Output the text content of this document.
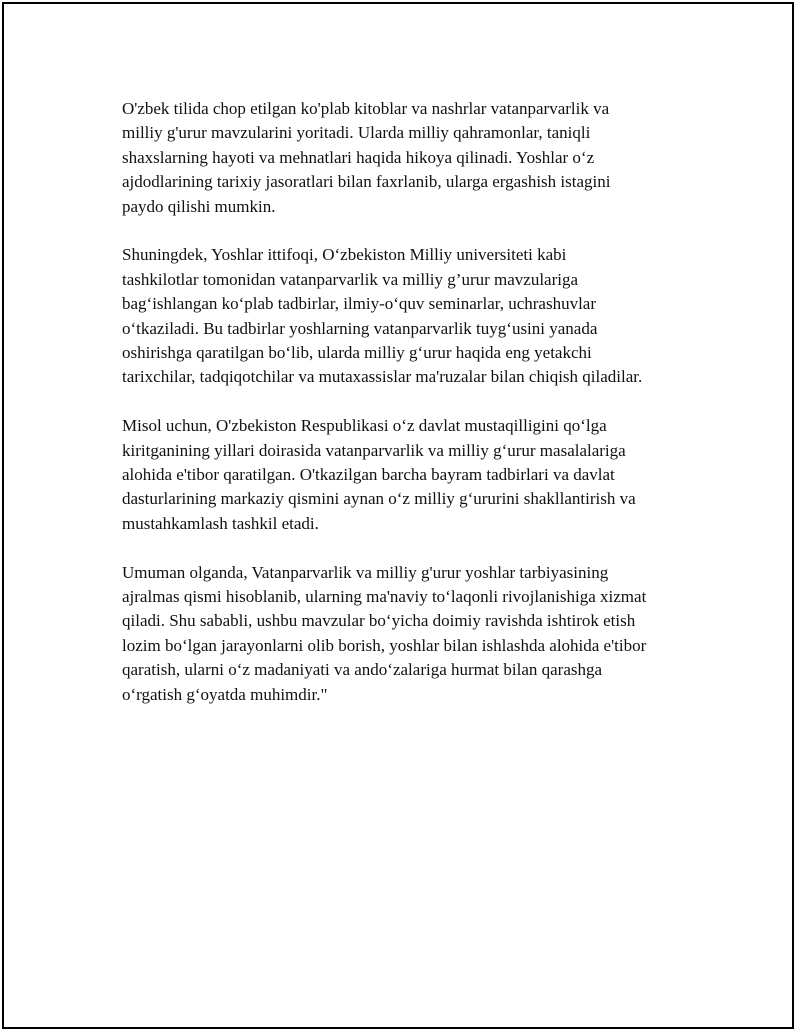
O'zbek tilida chop etilgan ko'plab kitoblar va nashrlar vatanparvarlik va
milliy g'urur mavzularini yoritadi. Ularda milliy qahramonlar, taniqli
shaxslarning hayoti va mehnatlari haqida hikoya qilinadi. Yoshlar o‘z
ajdodlarining tarixiy jasoratlari bilan faxrlanib, ularga ergashish istagini
paydo qilishi mumkin.

Shuningdek, Yoshlar ittifoqi, O‘zbekiston Milliy universiteti kabi
tashkilotlar tomonidan vatanparvarlik va milliy g’urur mavzulariga
bag‘ishlangan ko‘plab tadbirlar, ilmiy-o‘quv seminarlar, uchrashuvlar
o‘tkaziladi. Bu tadbirlar yoshlarning vatanparvarlik tuyg‘usini yanada
oshirishga qaratilgan bo‘lib, ularda milliy g‘urur haqida eng yetakchi
tarixchilar, tadqiqotchilar va mutaxassislar ma'ruzalar bilan chiqish qiladilar.

Misol uchun, O'zbekiston Respublikasi o‘z davlat mustaqilligini qo‘lga
kiritganining yillari doirasida vatanparvarlik va milliy g‘urur masalalariga
alohida e'tibor qaratilgan. O'tkazilgan barcha bayram tadbirlari va davlat
dasturlarining markaziy qismini aynan o‘z milliy g‘ururini shakllantirish va
mustahkamlash tashkil etadi.

Umuman olganda, Vatanparvarlik va milliy g'urur yoshlar tarbiyasining
ajralmas qismi hisoblanib, ularning ma'naviy to‘laqonli rivojlanishiga xizmat
qiladi. Shu sababli, ushbu mavzular bo‘yicha doimiy ravishda ishtirok etish
lozim bo‘lgan jarayonlarni olib borish, yoshlar bilan ishlashda alohida e'tibor
qaratish, ularni o‘z madaniyati va ando‘zalariga hurmat bilan qarashga
o‘rgatish g‘oyatda muhimdir."
